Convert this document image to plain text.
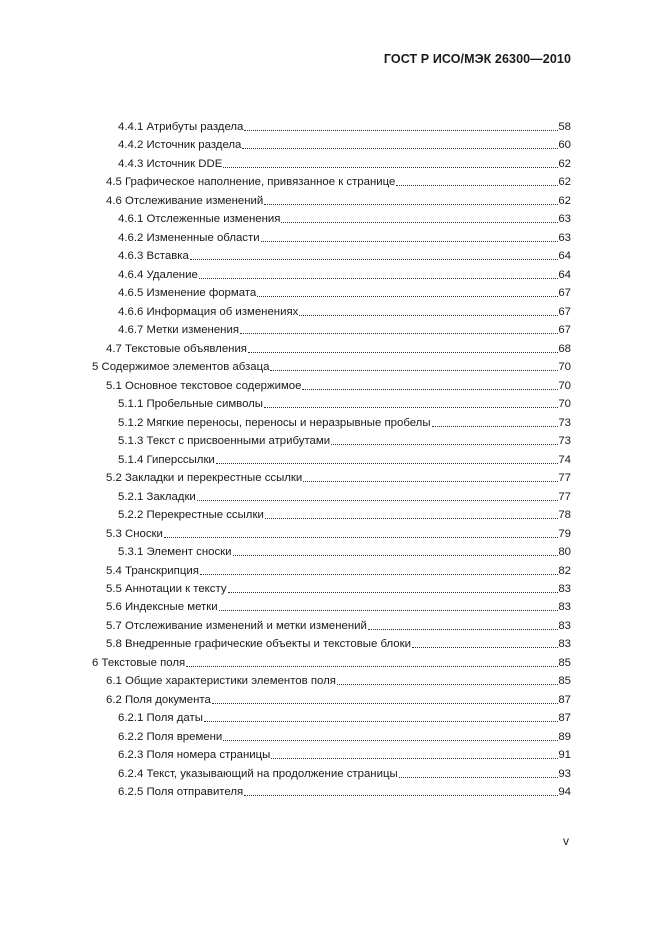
ГОСТ Р ИСО/МЭК 26300—2010
4.4.1 Атрибуты раздела	58
4.4.2 Источник раздела	60
4.4.3 Источник DDE	62
4.5 Графическое наполнение, привязанное к странице	62
4.6 Отслеживание изменений	62
4.6.1 Отслеженные изменения	63
4.6.2 Измененные области	63
4.6.3 Вставка	64
4.6.4 Удаление	64
4.6.5 Изменение формата	67
4.6.6 Информация об изменениях	67
4.6.7 Метки изменения	67
4.7 Текстовые объявления	68
5 Содержимое элементов абзаца	70
5.1 Основное текстовое содержимое	70
5.1.1 Пробельные символы	70
5.1.2 Мягкие переносы, переносы и неразрывные пробелы	73
5.1.3 Текст с присвоенными атрибутами	73
5.1.4 Гиперссылки	74
5.2 Закладки и перекрестные ссылки	77
5.2.1 Закладки	77
5.2.2 Перекрестные ссылки	78
5.3 Сноски	79
5.3.1 Элемент сноски	80
5.4 Транскрипция	82
5.5 Аннотации к тексту	83
5.6 Индексные метки	83
5.7 Отслеживание изменений и метки изменений	83
5.8 Внедренные графические объекты и текстовые блоки	83
6 Текстовые поля	85
6.1 Общие характеристики элементов поля	85
6.2 Поля документа	87
6.2.1 Поля даты	87
6.2.2 Поля времени	89
6.2.3 Поля номера страницы	91
6.2.4 Текст, указывающий на продолжение страницы	93
6.2.5 Поля отправителя	94
v
